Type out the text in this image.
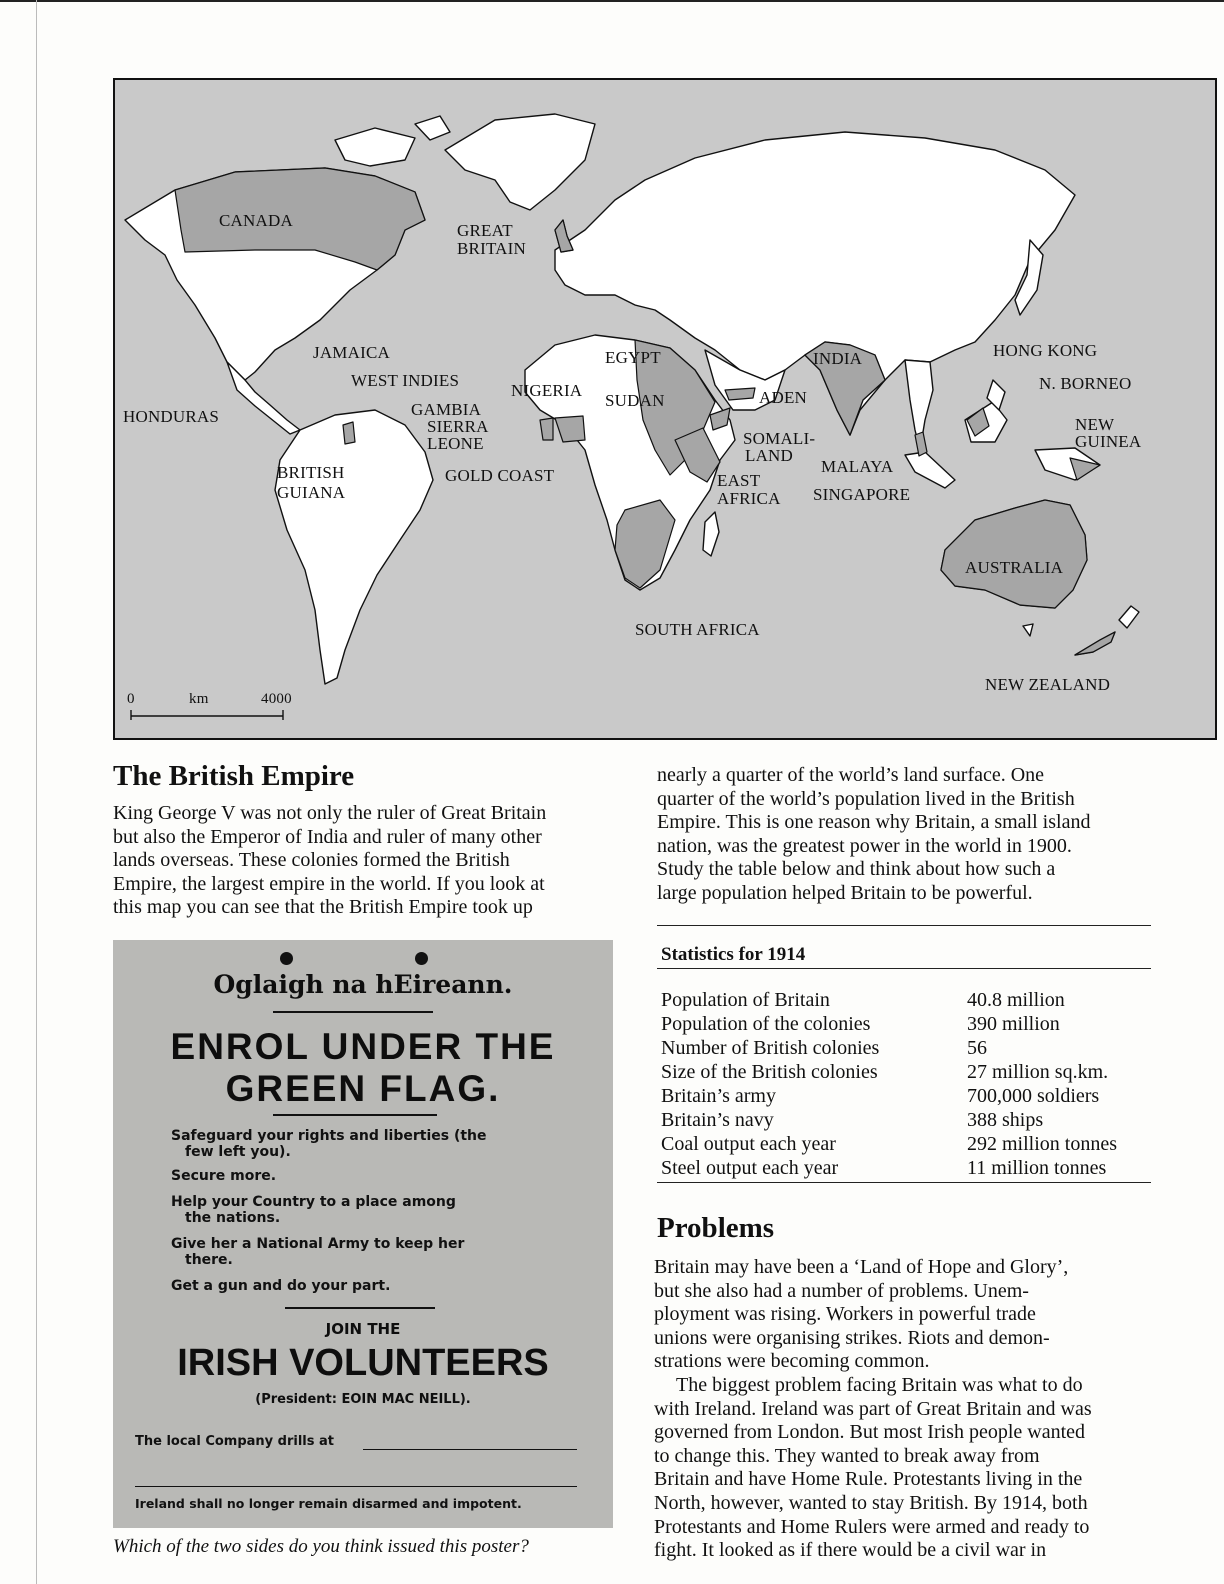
CANADA
GREAT
BRITAIN
JAMAICA
WEST INDIES
HONDURAS	GAMBIA
SIERRA
LEONE
NIGERIA
GOLD COAST
BRITISH
GUIANA
EGYPT
SUDAN	ADEN
SOMALI-
LAND
EAST
AFRICA
INDIA
MALAYA
SINGAPORE
HONG KONG
N. BORNEO
NEW
GUINEA
AUSTRALIA
SOUTH AFRICA
NEW ZEALAND
0	km	4000
The British Empire
King George V was not only the ruler of Great Britain
but also the Emperor of India and ruler of many other
lands overseas. These colonies formed the British
Empire, the largest empire in the world. If you look at
this map you can see that the British Empire took up
nearly a quarter of the world’s land surface. One
quarter of the world’s population lived in the British
Empire. This is one reason why Britain, a small island
nation, was the greatest power in the world in 1900.
Study the table below and think about how such a
large population helped Britain to be powerful.
Statistics for 1914
Population of Britain	40.8 million
Population of the colonies	390 million
Number of British colonies	56
Size of the British colonies	27 million sq.km.
Britain’s army	700,000 soldiers
Britain’s navy	388 ships
Coal output each year	292 million tonnes
Steel output each year	11 million tonnes
Problems
Britain may have been a ‘Land of Hope and Glory’,
but she also had a number of problems. Unem-
ployment was rising. Workers in powerful trade
unions were organising strikes. Riots and demon-
strations were becoming common.
The biggest problem facing Britain was what to do
with Ireland. Ireland was part of Great Britain and was
governed from London. But most Irish people wanted
to change this. They wanted to break away from
Britain and have Home Rule. Protestants living in the
North, however, wanted to stay British. By 1914, both
Protestants and Home Rulers were armed and ready to
fight. It looked as if there would be a civil war in
Oglaigh na hEireann.
ENROL UNDER THE
GREEN FLAG.
Safeguard your rights and liberties (the
few left you).
Secure more.
Help your Country to a place among
the nations.
Give her a National Army to keep her
there.
Get a gun and do your part.
JOIN THE
IRISH VOLUNTEERS
(President: EOIN MAC NEILL).
The local Company drills at
Ireland shall no longer remain disarmed and impotent.
Which of the two sides do you think issued this poster?
